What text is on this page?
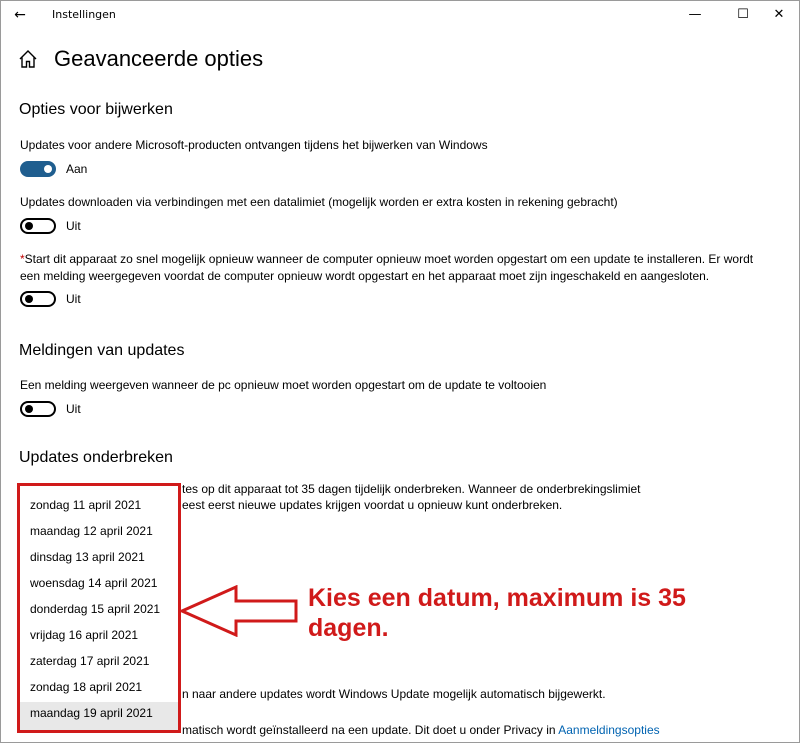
←	Instellingen	—	☐	✕
Geavanceerde opties
Opties voor bijwerken
Updates voor andere Microsoft-producten ontvangen tijdens het bijwerken van Windows
Aan
Updates downloaden via verbindingen met een datalimiet (mogelijk worden er extra kosten in rekening gebracht)
Uit
*Start dit apparaat zo snel mogelijk opnieuw wanneer de computer opnieuw moet worden opgestart om een update te installeren. Er wordt
een melding weergegeven voordat de computer opnieuw wordt opgestart en het apparaat moet zijn ingeschakeld en aangesloten.
Uit
Meldingen van updates
Een melding weergeven wanneer de pc opnieuw moet worden opgestart om de update te voltooien
Uit
Updates onderbreken
tes op dit apparaat tot 35 dagen tijdelijk onderbreken. Wanneer de onderbrekingslimiet
eest eerst nieuwe updates krijgen voordat u opnieuw kunt onderbreken.
n naar andere updates wordt Windows Update mogelijk automatisch bijgewerkt.
matisch wordt geïnstalleerd na een update. Dit doet u onder Privacy in Aanmeldingsopties
zondag 11 april 2021
maandag 12 april 2021
dinsdag 13 april 2021
woensdag 14 april 2021
donderdag 15 april 2021
vrijdag 16 april 2021
zaterdag 17 april 2021
zondag 18 april 2021
maandag 19 april 2021
Kies een datum, maximum is 35 dagen.
